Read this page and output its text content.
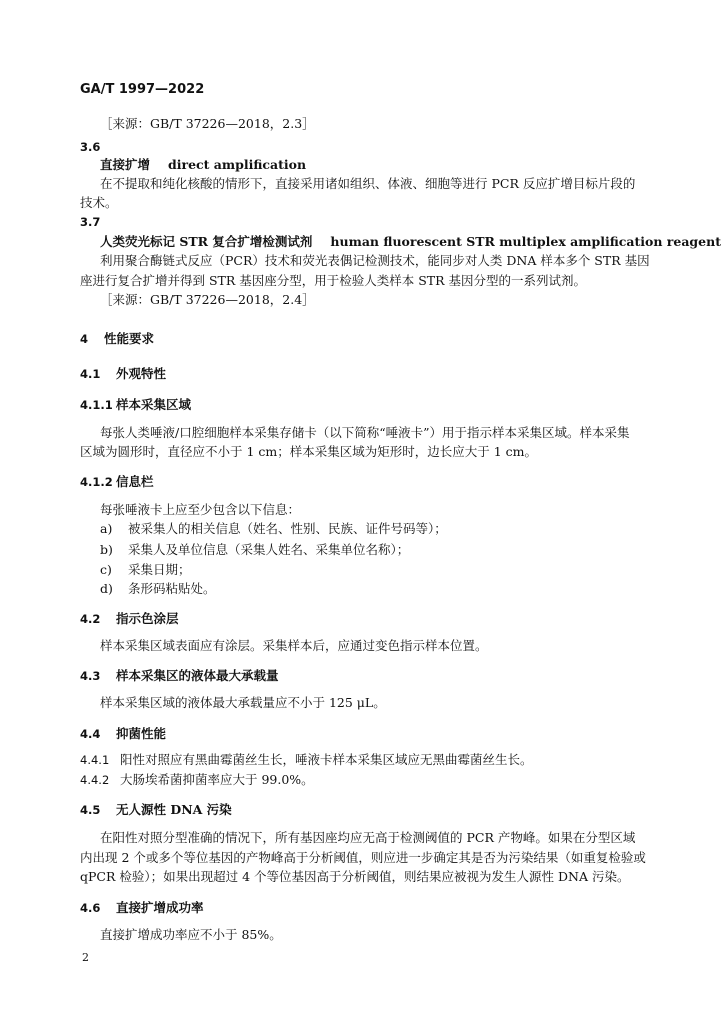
GA/T 1997—2022
［来源：GB/T 37226—2018，2.3］
3.6
直接扩增 direct amplification
在不提取和纯化核酸的情形下，直接采用诸如组织、体液、细胞等进行 PCR 反应扩增目标片段的
技术。
3.7
人类荧光标记 STR 复合扩增检测试剂 human fluorescent STR multiplex amplification reagent
利用聚合酶链式反应（PCR）技术和荧光表偶记检测技术，能同步对人类 DNA 样本多个 STR 基因
座进行复合扩增并得到 STR 基因座分型，用于检验人类样本 STR 基因分型的一系列试剂。
［来源：GB/T 37226—2018，2.4］
4 性能要求
4.1 外观特性
4.1.1 样本采集区域
每张人类唾液/口腔细胞样本采集存储卡（以下简称“唾液卡”）用于指示样本采集区域。样本采集
区域为圆形时，直径应不小于 1 cm；样本采集区域为矩形时，边长应大于 1 cm。
4.1.2 信息栏
每张唾液卡上应至少包含以下信息：
a) 被采集人的相关信息（姓名、性别、民族、证件号码等）；
b) 采集人及单位信息（采集人姓名、采集单位名称）；
c) 采集日期；
d) 条形码粘贴处。
4.2 指示色涂层
样本采集区域表面应有涂层。采集样本后，应通过变色指示样本位置。
4.3 样本采集区的液体最大承载量
样本采集区域的液体最大承载量应不小于 125 μL。
4.4 抑菌性能
4.4.1 阳性对照应有黑曲霉菌丝生长，唾液卡样本采集区域应无黑曲霉菌丝生长。
4.4.2 大肠埃希菌抑菌率应大于 99.0%。
4.5 无人源性 DNA 污染
在阳性对照分型准确的情况下，所有基因座均应无高于检测阈值的 PCR 产物峰。如果在分型区域
内出现 2 个或多个等位基因的产物峰高于分析阈值，则应进一步确定其是否为污染结果（如重复检验或
qPCR 检验）；如果出现超过 4 个等位基因高于分析阈值，则结果应被视为发生人源性 DNA 污染。
4.6 直接扩增成功率
直接扩增成功率应不小于 85%。
2
